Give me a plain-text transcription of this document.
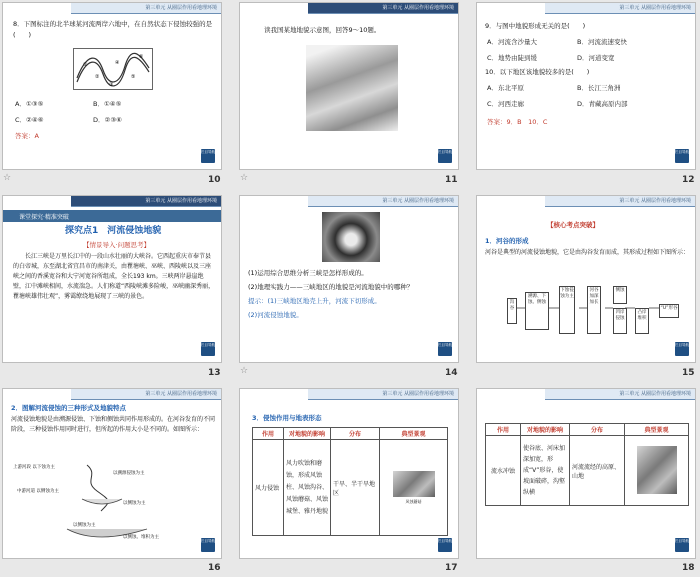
第三单元 从圈层作用看地理环境
8．下图标注的北半球某河流两岸六地中，在自然状态下侵蚀较强的是(　　)
①
②
③
④
⑤
⑥
A．①③⑤	B．①④⑤
C．②④⑥	D．②③⑥
答案：A
栏目导航
☆	10
第三单元 从圈层作用看地理环境
读我国某地地貌示意图，回答9～10题。
栏目导航
☆	11
第三单元 从圈层作用看地理环境
9．与图中地貌形成无关的是(　　)
A．河流含沙量大	B．河流流速变快
C．地势由陡到缓	D．河道变宽
10．以下地区该地貌较多的是(　　)
A．东北平原	B．长江三角洲
C．河西走廊	D．青藏高原内部
答案：9．B　10．C
栏目导航
12
第三单元 从圈层作用看地理环境
课堂探究·精准突破
探究点1　河流侵蚀地貌
【情景导入·问题思考】
长江三峡是万里长江中的一段山水壮丽的大峡谷。它西起重庆市奉节县的白帝城，东至湖北省宜昌市的南津关，由瞿塘峡、巫峡、西陵峡以及三座峡之间的香溪宽谷和大宁河宽谷所组成，全长193 km。三峡两岸悬崖绝壁，江中滩峡相间，水流湍急。人们称道“西陵峡滩多险峻，巫峡幽深秀丽，瞿塘峡雄伟壮观”，雾霭缭绕地展现了三峡的景色。
栏目导航
13
第三单元 从圈层作用看地理环境
(1)运用综合思维分析三峡是怎样形成的。
(2)地理实践力——三峡地区的地貌是河流地貌中的哪种？
提示：(1)三峡地区地壳上升，河流下切形成。
(2)河流侵蚀地貌。
栏目导航
☆	14
第三单元 从圈层作用看地理环境
【核心考点突破】
1．河谷的形成
河谷是典型的河流侵蚀地貌，它是由沟谷发育而成，其形成过程如下图所示：
沟谷
溯源、下蚀、侧蚀
下蚀侵蚀为主
河谷加深加长
侧蚀
凹岸侵蚀
凸岸堆积
“U”形谷
栏目导航
15
第三单元 从圈层作用看地理环境
2．图解河流侵蚀的三种形式及地貌特点
河流侵蚀地貌是由溯源侵蚀、下蚀和侧蚀共同作用形成的。在河谷发育的不同阶段，三种侵蚀作用同时进行，但所起的作用大小是不同的。如图所示：
上游河段 以下蚀为主
中游河道 以侧蚀为主
以溯源侵蚀为主
以侧蚀为主
以侧蚀为主
以侧蚀、堆积为主
栏目导航
16
第三单元 从圈层作用看地理环境
3．侵蚀作用与地表形态
作用	对地貌的影响	分布	典型景观
风力侵蚀	风力吹蚀和磨蚀，形成风蚀柱、风蚀沟谷、风蚀蘑菇、风蚀城堡、雅丹地貌	干旱、半干旱地区	风蚀蘑菇
栏目导航
17
第三单元 从圈层作用看地理环境
作用	对地貌的影响	分布	典型景观
流水冲蚀	使谷底、河床加深加宽，形成“V”形谷，使坡面破碎，沟壑纵横	河流流经的高原、山地	
栏目导航
18
